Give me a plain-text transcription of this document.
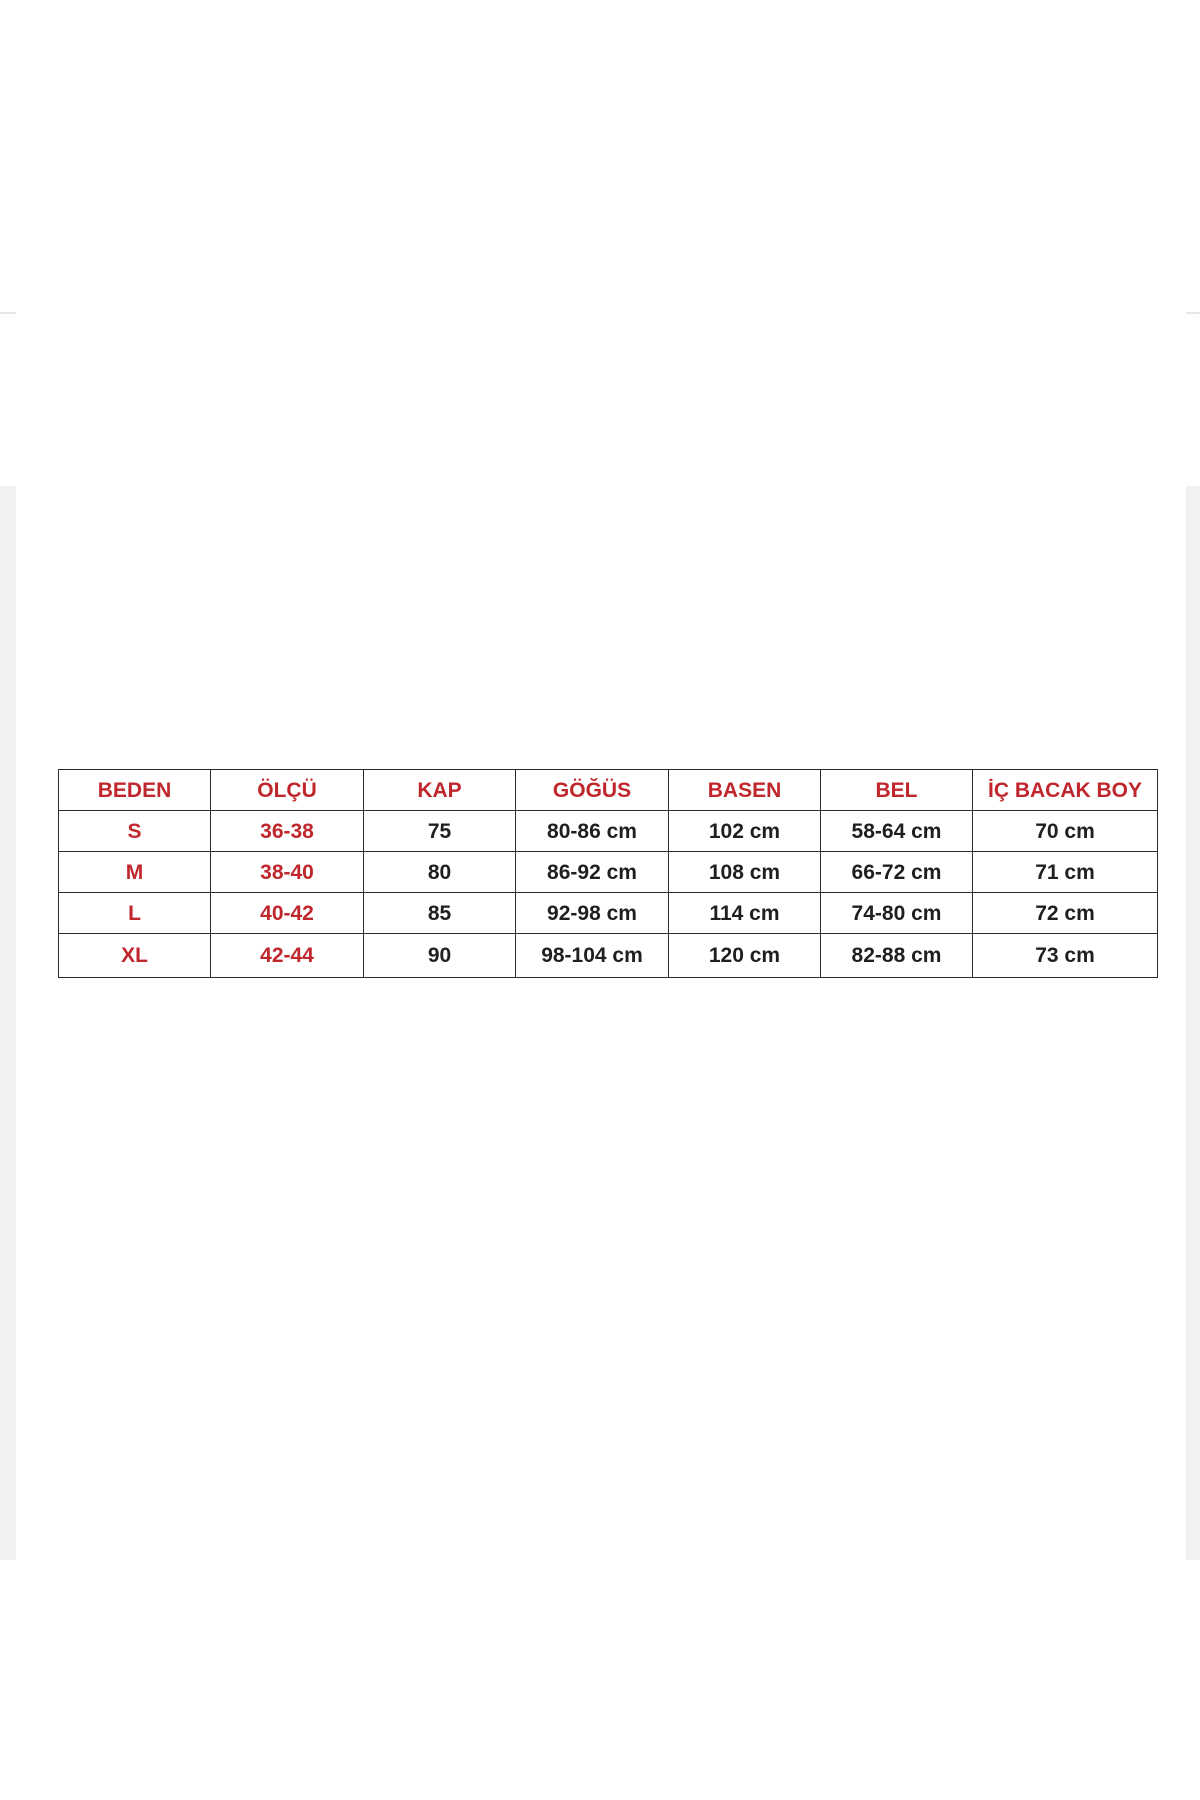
BEDEN	ÖLÇÜ	KAP	GÖĞÜS	BASEN	BEL	İÇ BACAK BOY
S	36-38	75	80-86 cm	102 cm	58-64 cm	70 cm
M	38-40	80	86-92 cm	108 cm	66-72 cm	71 cm
L	40-42	85	92-98 cm	114 cm	74-80 cm	72 cm
XL	42-44	90	98-104 cm	120 cm	82-88 cm	73 cm
